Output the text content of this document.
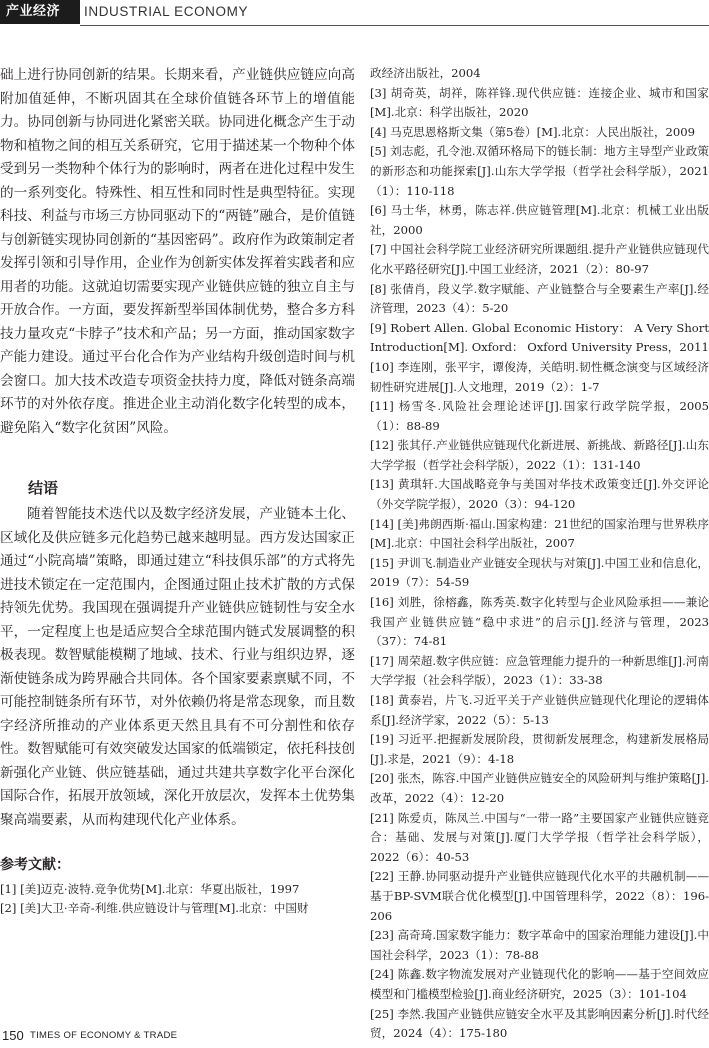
产业经济	INDUSTRIAL ECONOMY

础上进行协同创新的结果。长期来看，产业链供应链应向高附加值延伸，不断巩固其在全球价值链各环节上的增值能力。协同创新与协同进化紧密关联。协同进化概念产生于动物和植物之间的相互关系研究，它用于描述某一个物种个体受到另一类物种个体行为的影响时，两者在进化过程中发生的一系列变化。特殊性、相互性和同时性是典型特征。实现科技、利益与市场三方协同驱动下的“两链”融合，是价值链与创新链实现协同创新的“基因密码”。政府作为政策制定者发挥引领和引导作用，企业作为创新实体发挥着实践者和应用者的功能。这就迫切需要实现产业链供应链的独立自主与开放合作。一方面，要发挥新型举国体制优势，整合多方科技力量攻克“卡脖子”技术和产品；另一方面，推动国家数字产能力建设。通过平台化合作为产业结构升级创造时间与机会窗口。加大技术改造专项资金扶持力度，降低对链条高端环节的对外依存度。推进企业主动消化数字化转型的成本，避免陷入“数字化贫困”风险。

结语

随着智能技术迭代以及数字经济发展，产业链本土化、区域化及供应链多元化趋势已越来越明显。西方发达国家正通过“小院高墙”策略，即通过建立“科技俱乐部”的方式将先进技术锁定在一定范围内，企图通过阻止技术扩散的方式保持领先优势。我国现在强调提升产业链供应链韧性与安全水平，一定程度上也是适应契合全球范围内链式发展调整的积极表现。数智赋能模糊了地域、技术、行业与组织边界，逐渐使链条成为跨界融合共同体。各个国家要素禀赋不同，不可能控制链条所有环节，对外依赖仍将是常态现象，而且数字经济所推动的产业体系更天然且具有不可分割性和依存性。数智赋能可有效突破发达国家的低端锁定，依托科技创新强化产业链、供应链基础，通过共建共享数字化平台深化国际合作，拓展开放领域，深化开放层次，发挥本土优势集聚高端要素，从而构建现代化产业体系。

参考文献：

[1] [美]迈克·波特.竞争优势[M].北京：华夏出版社，1997

[2] [美]大卫·辛奇-利维.供应链设计与管理[M].北京：中国财

政经济出版社，2004

[3] 胡奇英，胡祥，陈祥锋.现代供应链：连接企业、城市和国家[M].北京：科学出版社，2020

[4] 马克思恩格斯文集（第5卷）[M].北京：人民出版社，2009

[5] 刘志彪，孔令池.双循环格局下的链长制：地方主导型产业政策的新形态和功能探索[J].山东大学学报（哲学社会科学版），2021（1）：110-118

[6] 马士华，林勇，陈志祥.供应链管理[M].北京：机械工业出版社，2000

[7] 中国社会科学院工业经济研究所课题组.提升产业链供应链现代化水平路径研究[J].中国工业经济，2021（2）：80-97

[8] 张倩肖，段义学.数字赋能、产业链整合与全要素生产率[J].经济管理，2023（4）：5-20

[9] Robert Allen. Global Economic History： A Very Short Introduction[M]. Oxford： Oxford University Press，2011

[10] 李连刚，张平宇，谭俊涛，关皓明.韧性概念演变与区域经济韧性研究进展[J].人文地理，2019（2）：1-7

[11] 杨雪冬.风险社会理论述评[J].国家行政学院学报，2005（1）：88-89

[12] 张其仔.产业链供应链现代化新进展、新挑战、新路径[J].山东大学学报（哲学社会科学版），2022（1）：131-140

[13] 黄琪轩.大国战略竞争与美国对华技术政策变迁[J].外交评论（外交学院学报），2020（3）：94-120

[14] [美]弗朗西斯·福山.国家构建：21世纪的国家治理与世界秩序[M].北京：中国社会科学出版社，2007

[15] 尹训飞.制造业产业链安全现状与对策[J].中国工业和信息化，2019（7）：54-59

[16] 刘胜，徐榕鑫，陈秀英.数字化转型与企业风险承担——兼论我国产业链供应链“稳中求进”的启示[J].经济与管理，2023（37）：74-81

[17] 周荣超.数字供应链：应急管理能力提升的一种新思维[J].河南大学学报（社会科学版），2023（1）：33-38

[18] 黄泰岩，片飞.习近平关于产业链供应链现代化理论的逻辑体系[J].经济学家，2022（5）：5-13

[19] 习近平.把握新发展阶段，贯彻新发展理念，构建新发展格局[J].求是，2021（9）：4-18

[20] 张杰，陈容.中国产业链供应链安全的风险研判与维护策略[J].改革，2022（4）：12-20

[21] 陈爱贞，陈凤兰.中国与“一带一路”主要国家产业链供应链竞合：基础、发展与对策[J].厦门大学学报（哲学社会科学版），2022（6）：40-53

[22] 王静.协同驱动提升产业链供应链现代化水平的共融机制——基于BP-SVM联合优化模型[J].中国管理科学，2022（8）：196-206

[23] 高奇琦.国家数字能力：数字革命中的国家治理能力建设[J].中国社会科学，2023（1）：78-88

[24] 陈鑫.数字物流发展对产业链现代化的影响——基于空间效应模型和门槛模型检验[J].商业经济研究，2025（3）：101-104

[25] 李然.我国产业链供应链安全水平及其影响因素分析[J].时代经贸，2024（4）：175-180

150 TIMES OF ECONOMY & TRADE
